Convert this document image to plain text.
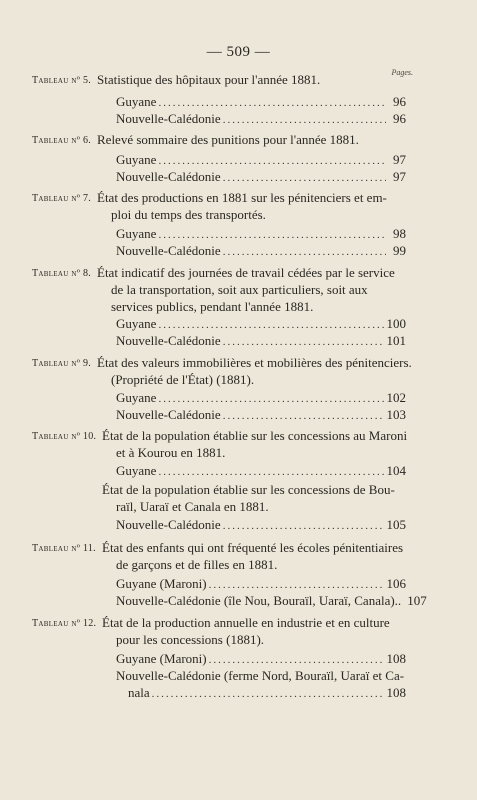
— 509 —
Pages.
Tableau nº 5. Statistique des hôpitaux pour l'année 1881.
Guyane .....	96
Nouvelle-Calédonie .....	96
Tableau nº 6. Relevé sommaire des punitions pour l'année 1881.
Guyane .....	97
Nouvelle-Calédonie .....	97
Tableau nº 7. État des productions en 1881 sur les pénitenciers et em-
ploi du temps des transportés.
Guyane .....	98
Nouvelle-Calédonie .....	99
Tableau nº 8. État indicatif des journées de travail cédées par le service
de la transportation, soit aux particuliers, soit aux
services publics, pendant l'année 1881.
Guyane .....	100
Nouvelle-Calédonie .....	101
Tableau nº 9. État des valeurs immobilières et mobilières des pénitenciers.
(Propriété de l'État) (1881).
Guyane .....	102
Nouvelle-Calédonie .....	103
Tableau nº 10. État de la population établie sur les concessions au Maroni
et à Kourou en 1881.
Guyane .....	104
État de la population établie sur les concessions de Bou-
raïl, Uaraï et Canala en 1881.
Nouvelle-Calédonie .....	105
Tableau nº 11. État des enfants qui ont fréquenté les écoles pénitentiaires
de garçons et de filles en 1881.
Guyane (Maroni) .....	106
Nouvelle-Calédonie (île Nou, Bouraïl, Uaraï, Canala).. 107
Tableau nº 12. État de la production annuelle en industrie et en culture
pour les concessions (1881).
Guyane (Maroni) .....	108
Nouvelle-Calédonie (ferme Nord, Bouraïl, Uaraï et Ca-
nala .....	108
